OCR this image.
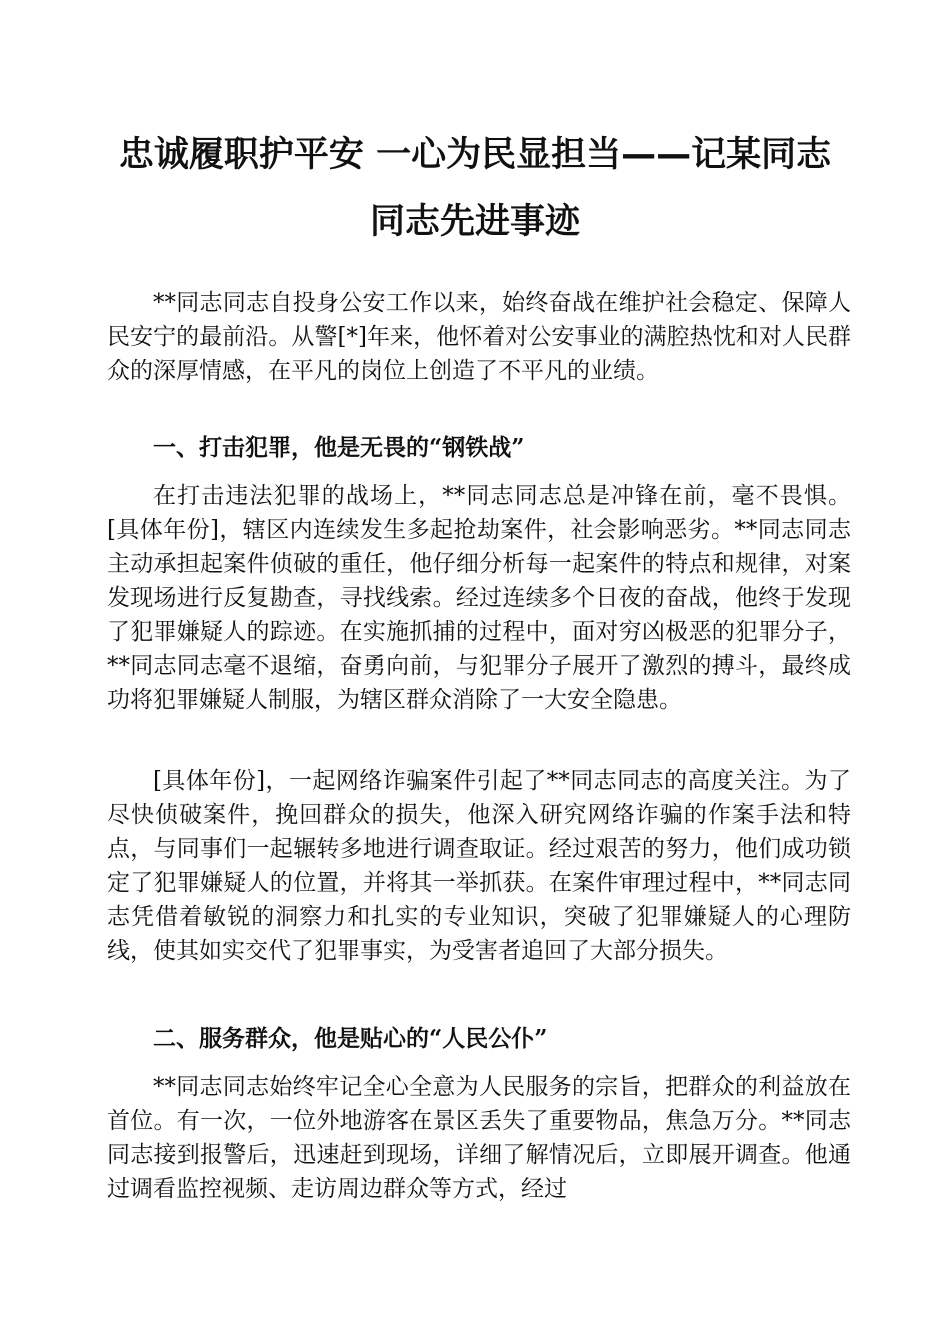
忠诚履职护平安 一心为民显担当——记某同志
同志先进事迹

**同志同志自投身公安工作以来，始终奋战在维护社会稳定、保障人民安宁的最前沿。从警[*]年来，他怀着对公安事业的满腔热忱和对人民群众的深厚情感，在平凡的岗位上创造了不平凡的业绩。

一、打击犯罪，他是无畏的“钢铁战”

在打击违法犯罪的战场上，**同志同志总是冲锋在前，毫不畏惧。[具体年份]，辖区内连续发生多起抢劫案件，社会影响恶劣。**同志同志主动承担起案件侦破的重任，他仔细分析每一起案件的特点和规律，对案发现场进行反复勘查，寻找线索。经过连续多个日夜的奋战，他终于发现了犯罪嫌疑人的踪迹。在实施抓捕的过程中，面对穷凶极恶的犯罪分子，**同志同志毫不退缩，奋勇向前，与犯罪分子展开了激烈的搏斗，最终成功将犯罪嫌疑人制服，为辖区群众消除了一大安全隐患。

[具体年份]，一起网络诈骗案件引起了**同志同志的高度关注。为了尽快侦破案件，挽回群众的损失，他深入研究网络诈骗的作案手法和特点，与同事们一起辗转多地进行调查取证。经过艰苦的努力，他们成功锁定了犯罪嫌疑人的位置，并将其一举抓获。在案件审理过程中，**同志同志凭借着敏锐的洞察力和扎实的专业知识，突破了犯罪嫌疑人的心理防线，使其如实交代了犯罪事实，为受害者追回了大部分损失。

二、服务群众，他是贴心的“人民公仆”

**同志同志始终牢记全心全意为人民服务的宗旨，把群众的利益放在首位。有一次，一位外地游客在景区丢失了重要物品，焦急万分。**同志同志接到报警后，迅速赶到现场，详细了解情况后，立即展开调查。他通过调看监控视频、走访周边群众等方式，经过
